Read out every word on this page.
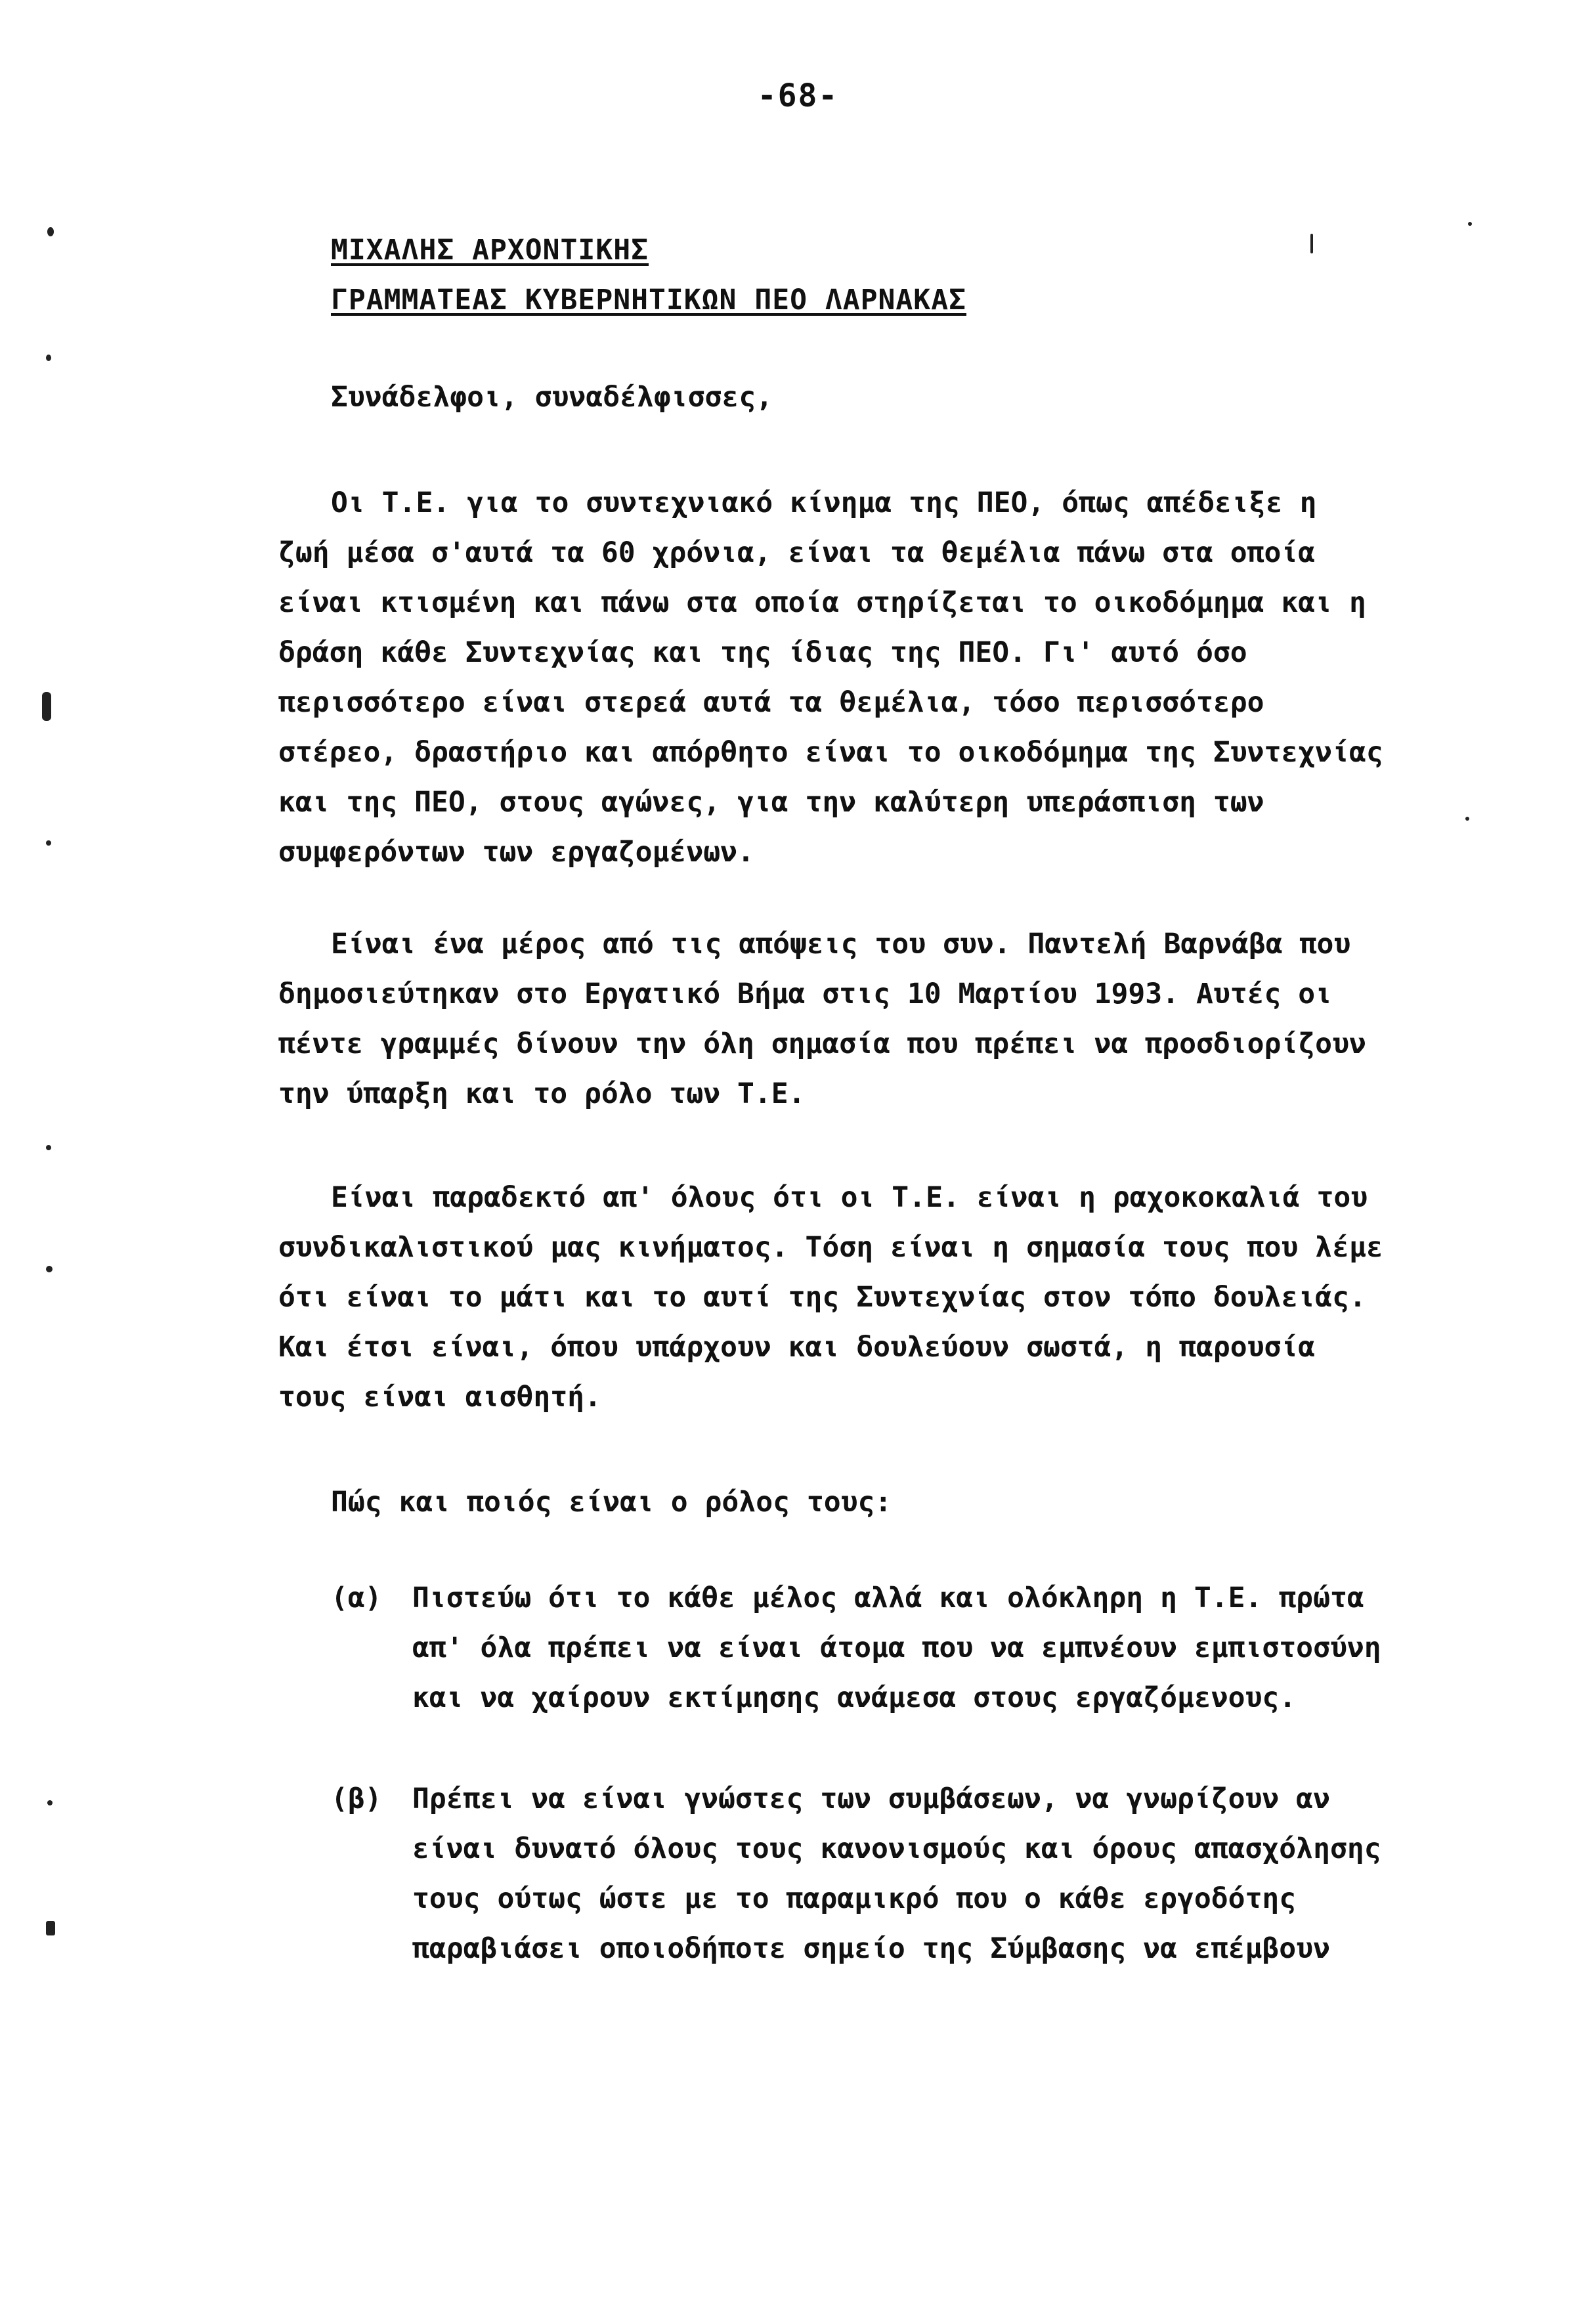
-68-
ΜΙΧΑΛΗΣ ΑΡΧΟΝΤΙΚΗΣ
ΓΡΑΜΜΑΤΕΑΣ ΚΥΒΕΡΝΗΤΙΚΩΝ ΠΕΟ ΛΑΡΝΑΚΑΣ
Συνάδελφοι, συναδέλφισσες,
Οι Τ.Ε. για το συντεχνιακό κίνημα της ΠΕΟ, όπως απέδειξε η
ζωή μέσα σ'αυτά τα 60 χρόνια, είναι τα θεμέλια πάνω στα οποία
είναι κτισμένη και πάνω στα οποία στηρίζεται το οικοδόμημα και η
δράση κάθε Συντεχνίας και της ίδιας της ΠΕΟ. Γι' αυτό όσο
περισσότερο είναι στερεά αυτά τα θεμέλια, τόσο περισσότερο
στέρεο, δραστήριο και απόρθητο είναι το οικοδόμημα της Συντεχνίας
και της ΠΕΟ, στους αγώνες, για την καλύτερη υπεράσπιση των
συμφερόντων των εργαζομένων.
Είναι ένα μέρος από τις απόψεις του συν. Παντελή Βαρνάβα που
δημοσιεύτηκαν στο Εργατικό Βήμα στις 10 Μαρτίου 1993. Αυτές οι
πέντε γραμμές δίνουν την όλη σημασία που πρέπει να προσδιορίζουν
την ύπαρξη και το ρόλο των Τ.Ε.
Είναι παραδεκτό απ' όλους ότι οι Τ.Ε. είναι η ραχοκοκαλιά του
συνδικαλιστικού μας κινήματος. Τόση είναι η σημασία τους που λέμε
ότι είναι το μάτι και το αυτί της Συντεχνίας στον τόπο δουλειάς.
Και έτσι είναι, όπου υπάρχουν και δουλεύουν σωστά, η παρουσία
τους είναι αισθητή.
Πώς και ποιός είναι ο ρόλος τους:
(α) Πιστεύω ότι το κάθε μέλος αλλά και ολόκληρη η Τ.Ε. πρώτα
απ' όλα πρέπει να είναι άτομα που να εμπνέουν εμπιστοσύνη
και να χαίρουν εκτίμησης ανάμεσα στους εργαζόμενους.
(β) Πρέπει να είναι γνώστες των συμβάσεων, να γνωρίζουν αν
είναι δυνατό όλους τους κανονισμούς και όρους απασχόλησης
τους ούτως ώστε με το παραμικρό που ο κάθε εργοδότης
παραβιάσει οποιοδήποτε σημείο της Σύμβασης να επέμβουν
